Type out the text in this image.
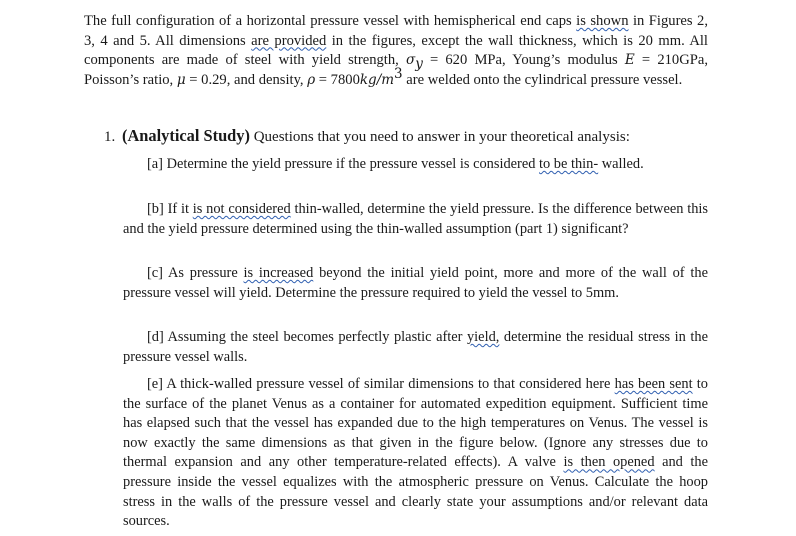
The full configuration of a horizontal pressure vessel with hemispherical end caps is shown in Figures 2, 3, 4 and 5. All dimensions are provided in the figures, except the wall thickness, which is 20 mm. All components are made of steel with yield strength, $\sigma_y = 620$ MPa, Young’s modulus E = 210GPa, Poisson’s ratio, μ = 0.29, and density, $\rho = 7800kg/m^3$ are welded onto the cylindrical pressure vessel.

1. (Analytical Study) Questions that you need to answer in your theoretical analysis:

[a] Determine the yield pressure if the pressure vessel is considered to be thin- walled.

[b] If it is not considered thin-walled, determine the yield pressure. Is the difference between this and the yield pressure determined using the thin-walled assumption (part 1) significant?

[c] As pressure is increased beyond the initial yield point, more and more of the wall of the pressure vessel will yield. Determine the pressure required to yield the vessel to 5mm.

[d] Assuming the steel becomes perfectly plastic after yield, determine the residual stress in the pressure vessel walls.

[e] A thick-walled pressure vessel of similar dimensions to that considered here has been sent to the surface of the planet Venus as a container for automated expedition equipment. Sufficient time has elapsed such that the vessel has expanded due to the high temperatures on Venus. The vessel is now exactly the same dimensions as that given in the figure below. (Ignore any stresses due to thermal expansion and any other temperature-related effects). A valve is then opened and the pressure inside the vessel equalizes with the atmospheric pressure on Venus. Calculate the hoop stress in the walls of the pressure vessel and clearly state your assumptions and/or relevant data sources.
